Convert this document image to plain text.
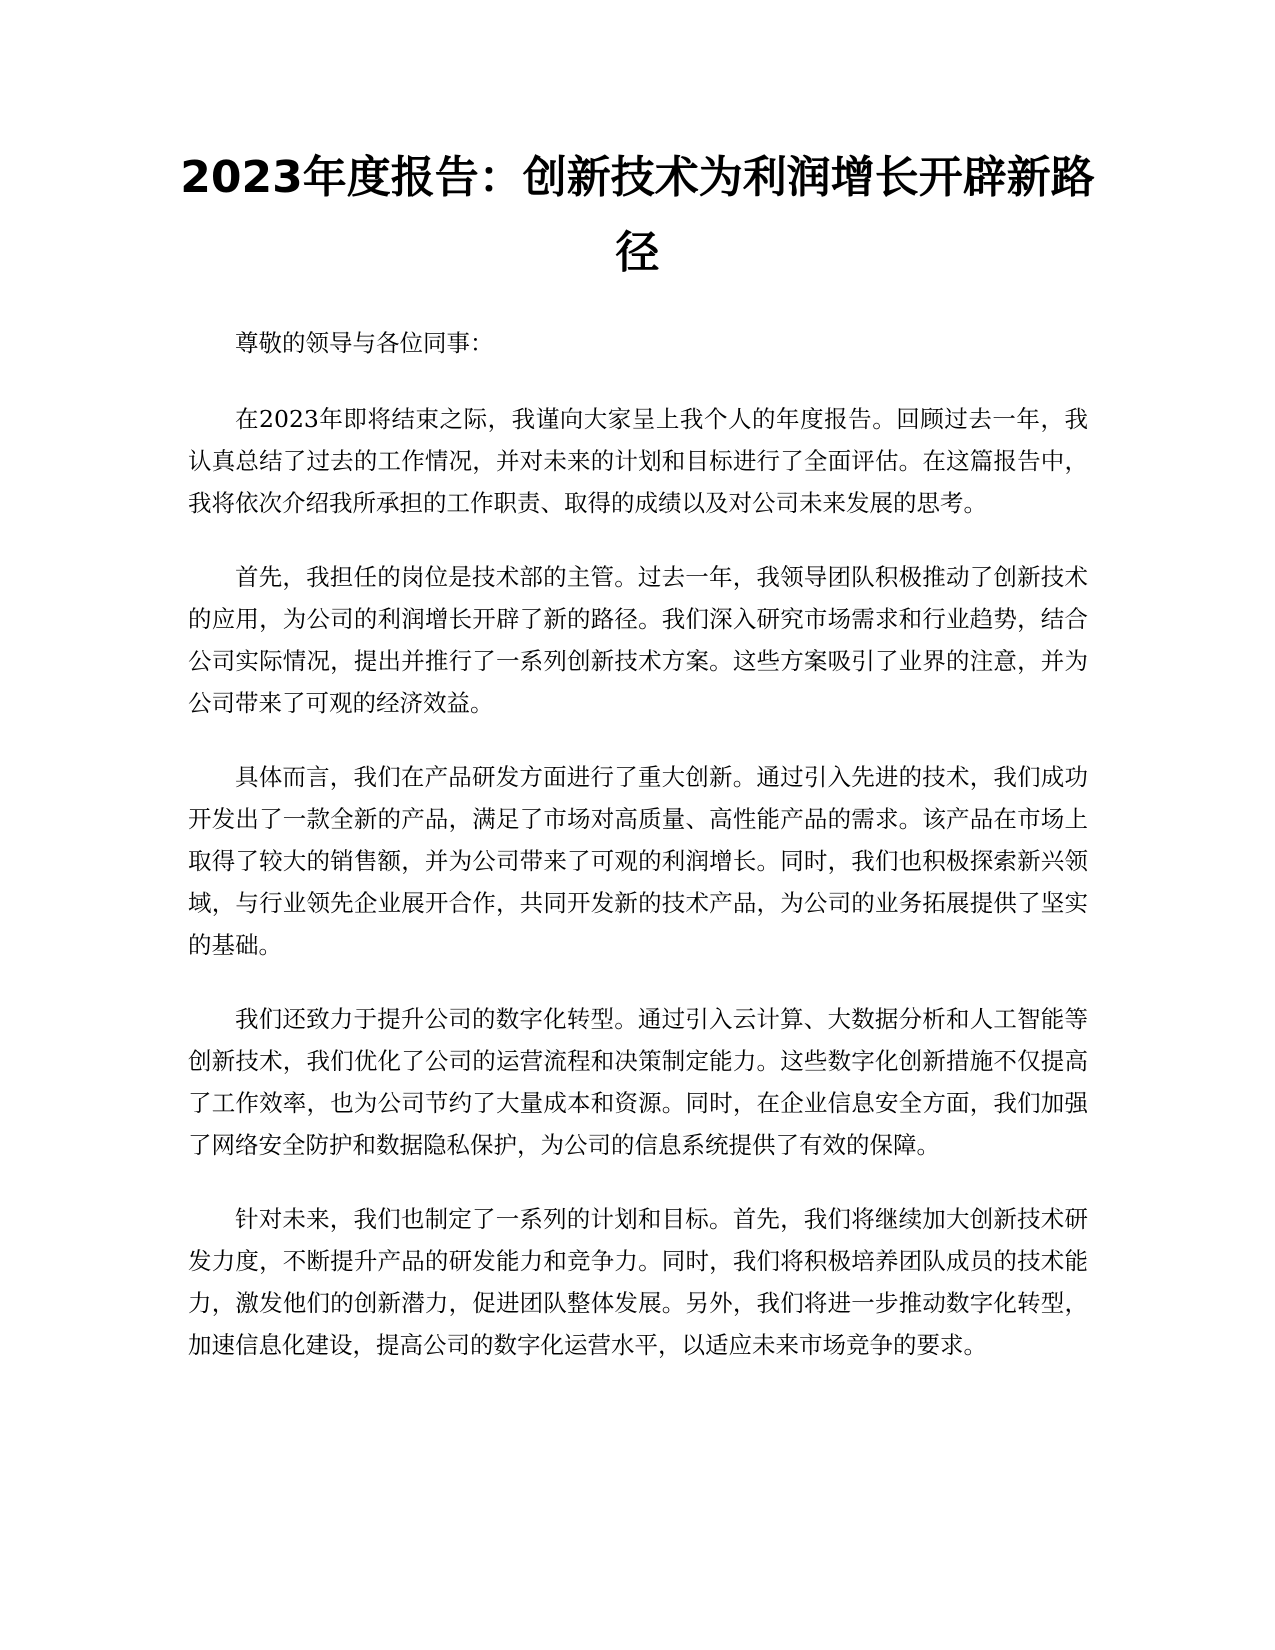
2023年度报告：创新技术为利润增长开辟新路径

尊敬的领导与各位同事：

在2023年即将结束之际，我谨向大家呈上我个人的年度报告。回顾过去一年，我认真总结了过去的工作情况，并对未来的计划和目标进行了全面评估。在这篇报告中，我将依次介绍我所承担的工作职责、取得的成绩以及对公司未来发展的思考。

首先，我担任的岗位是技术部的主管。过去一年，我领导团队积极推动了创新技术的应用，为公司的利润增长开辟了新的路径。我们深入研究市场需求和行业趋势，结合公司实际情况，提出并推行了一系列创新技术方案。这些方案吸引了业界的注意，并为公司带来了可观的经济效益。

具体而言，我们在产品研发方面进行了重大创新。通过引入先进的技术，我们成功开发出了一款全新的产品，满足了市场对高质量、高性能产品的需求。该产品在市场上取得了较大的销售额，并为公司带来了可观的利润增长。同时，我们也积极探索新兴领域，与行业领先企业展开合作，共同开发新的技术产品，为公司的业务拓展提供了坚实的基础。

我们还致力于提升公司的数字化转型。通过引入云计算、大数据分析和人工智能等创新技术，我们优化了公司的运营流程和决策制定能力。这些数字化创新措施不仅提高了工作效率，也为公司节约了大量成本和资源。同时，在企业信息安全方面，我们加强了网络安全防护和数据隐私保护，为公司的信息系统提供了有效的保障。

针对未来，我们也制定了一系列的计划和目标。首先，我们将继续加大创新技术研发力度，不断提升产品的研发能力和竞争力。同时，我们将积极培养团队成员的技术能力，激发他们的创新潜力，促进团队整体发展。另外，我们将进一步推动数字化转型，加速信息化建设，提高公司的数字化运营水平，以适应未来市场竞争的要求。
